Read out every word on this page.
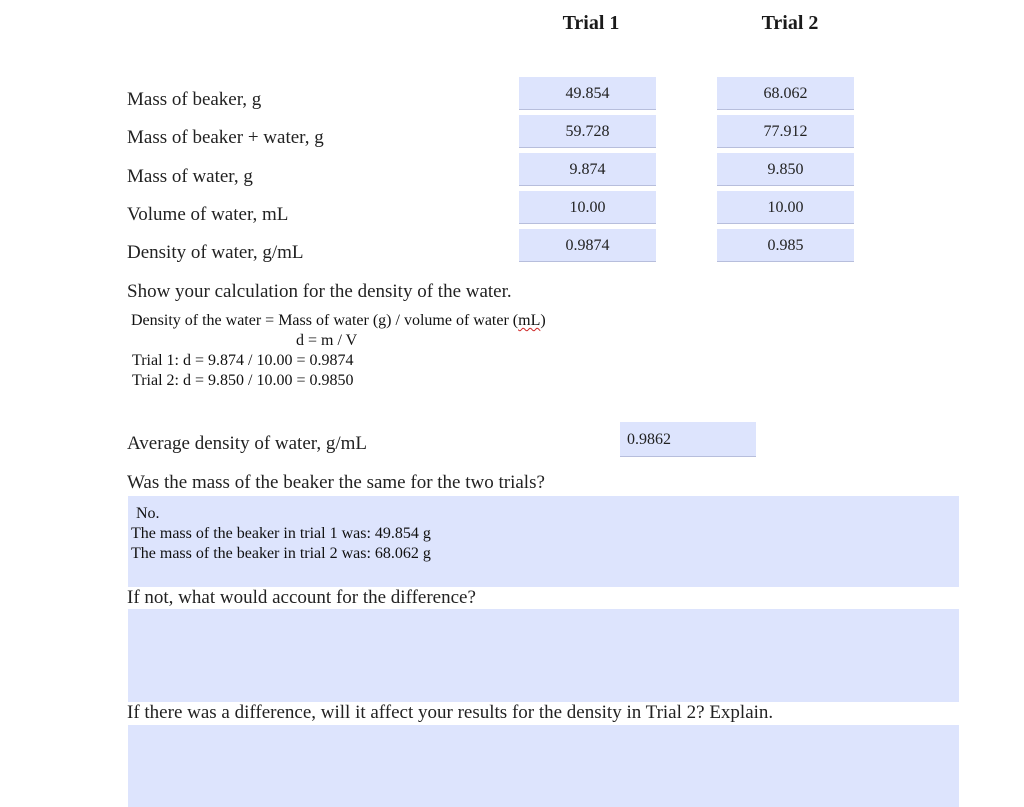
Trial 1	Trial 2
Mass of beaker, g	49.854	68.062
Mass of beaker + water, g	59.728	77.912
Mass of water, g	9.874	9.850
Volume of water, mL	10.00	10.00
Density of water, g/mL	0.9874	0.985
Show your calculation for the density of the water.
Density of the water = Mass of water (g) / volume of water (mL)
d = m / V
Trial 1: d = 9.874 / 10.00 = 0.9874
Trial 2: d = 9.850 / 10.00 = 0.9850
Average density of water, g/mL	0.9862
Was the mass of the beaker the same for the two trials?
No.
The mass of the beaker in trial 1 was: 49.854 g
The mass of the beaker in trial 2 was: 68.062 g
If not, what would account for the difference?
If there was a difference, will it affect your results for the density in Trial 2? Explain.
